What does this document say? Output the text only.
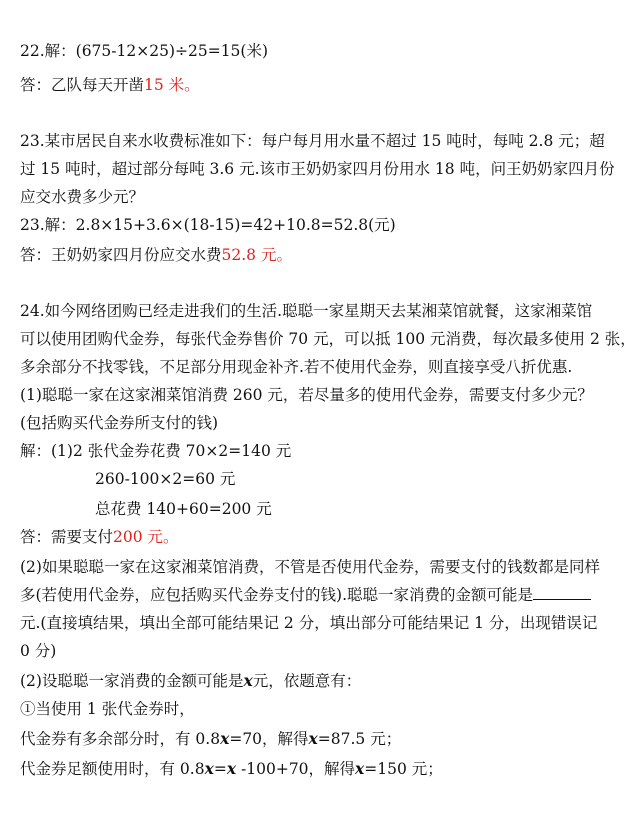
22.解：(675-12×25)÷25=15(米)
答：乙队每天开凿15 米。
23.某市居民自来水收费标准如下：每户每月用水量不超过 15 吨时，每吨 2.8 元；超
过 15 吨时，超过部分每吨 3.6 元.该市王奶奶家四月份用水 18 吨，问王奶奶家四月份
应交水费多少元？
23.解：2.8×15+3.6×(18-15)=42+10.8=52.8(元)
答：王奶奶家四月份应交水费52.8 元。
24.如今网络团购已经走进我们的生活.聪聪一家星期天去某湘菜馆就餐，这家湘菜馆
可以使用团购代金券，每张代金券售价 70 元，可以抵 100 元消费，每次最多使用 2 张，
多余部分不找零钱，不足部分用现金补齐.若不使用代金券，则直接享受八折优惠.
(1)聪聪一家在这家湘菜馆消费 260 元，若尽量多的使用代金券，需要支付多少元？
(包括购买代金券所支付的钱)
解：(1)2 张代金券花费 70×2=140 元
260-100×2=60 元
总花费 140+60=200 元
答：需要支付200 元。
(2)如果聪聪一家在这家湘菜馆消费，不管是否使用代金券，需要支付的钱数都是同样
多(若使用代金券，应包括购买代金券支付的钱).聪聪一家消费的金额可能是
元.(直接填结果，填出全部可能结果记 2 分，填出部分可能结果记 1 分，出现错误记
0 分)
(2)设聪聪一家消费的金额可能是x元，依题意有：
①当使用 1 张代金券时，
代金券有多余部分时，有 0.8x=70，解得x=87.5 元；
代金券足额使用时，有 0.8x=x -100+70，解得x=150 元；
